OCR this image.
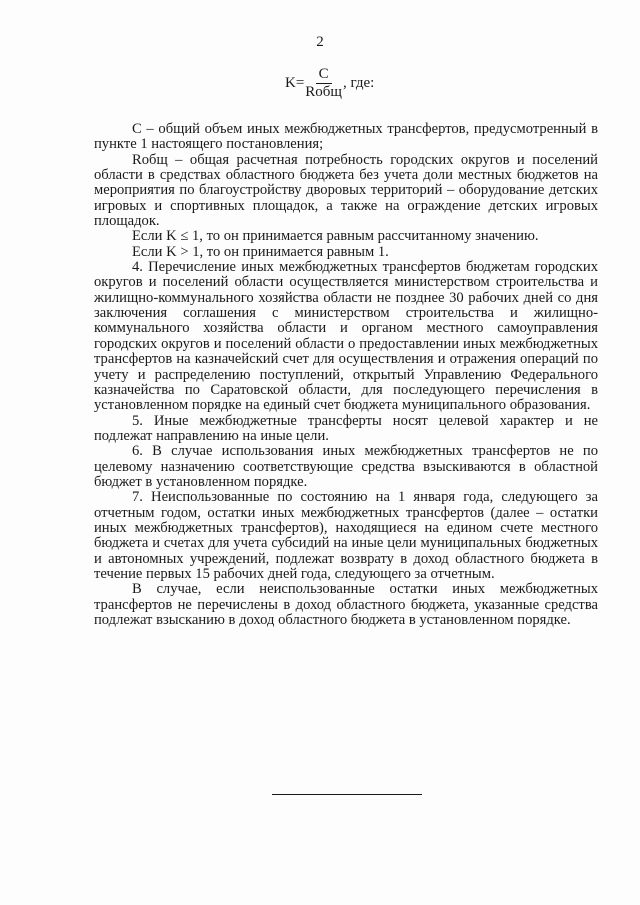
2
$K= \frac{C}{\text{Rобщ}}$ , где:

С – общий объем иных межбюджетных трансфертов, предусмотренный в пункте 1 настоящего постановления;

Rобщ – общая расчетная потребность городских округов и поселений области в средствах областного бюджета без учета доли местных бюджетов на мероприятия по благоустройству дворовых территорий – оборудование детских игровых и спортивных площадок, а также на ограждение детских игровых площадок.

Если K ≤ 1, то он принимается равным рассчитанному значению.

Если K > 1, то он принимается равным 1.

4. Перечисление иных межбюджетных трансфертов бюджетам городских округов и поселений области осуществляется министерством строительства и жилищно-коммунального хозяйства области не позднее 30 рабочих дней со дня заключения соглашения с министерством строительства и жилищно-коммунального хозяйства области и органом местного самоуправления городских округов и поселений области о предоставлении иных межбюджетных трансфертов на казначейский счет для осуществления и отражения операций по учету и распределению поступлений, открытый Управлению Федерального казначейства по Саратовской области, для последующего перечисления в установленном порядке на единый счет бюджета муниципального образования.

5. Иные межбюджетные трансферты носят целевой характер и не подлежат направлению на иные цели.

6. В случае использования иных межбюджетных трансфертов не по целевому назначению соответствующие средства взыскиваются в областной бюджет в установленном порядке.

7. Неиспользованные по состоянию на 1 января года, следующего за отчетным годом, остатки иных межбюджетных трансфертов (далее – остатки иных межбюджетных трансфертов), находящиеся на едином счете местного бюджета и счетах для учета субсидий на иные цели муниципальных бюджетных и автономных учреждений, подлежат возврату в доход областного бюджета в течение первых 15 рабочих дней года, следующего за отчетным.

В случае, если неиспользованные остатки иных межбюджетных трансфертов не перечислены в доход областного бюджета, указанные средства подлежат взысканию в доход областного бюджета в установленном порядке.
